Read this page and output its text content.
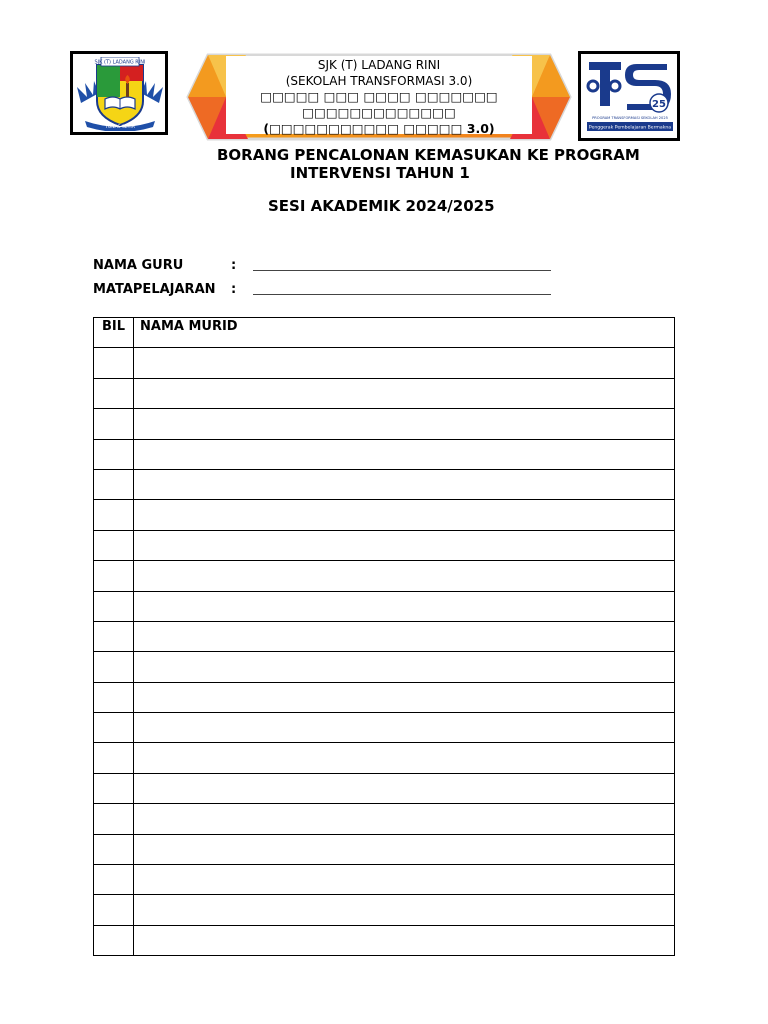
SJK (T) LADANG RINI
TUNAS SETIA
SJK (T) LADANG RINI
(SEKOLAH TRANSFORMASI 3.0)
□□□□□ □□□ □□□□ □□□□□□□ □□□□□□□□□□□□□
(□□□□□□□□□□□ □□□□□ 3.0)
25
PROGRAM TRANSFORMASI SEKOLAH 2025
Penggerak Pembelajaran Bermakna
BORANG PENCALONAN KEMASUKAN KE PROGRAM
INTERVENSI TAHUN 1
SESI AKADEMIK 2024/2025
NAMA GURU	:
MATAPELAJARAN :
BIL	NAMA MURID
